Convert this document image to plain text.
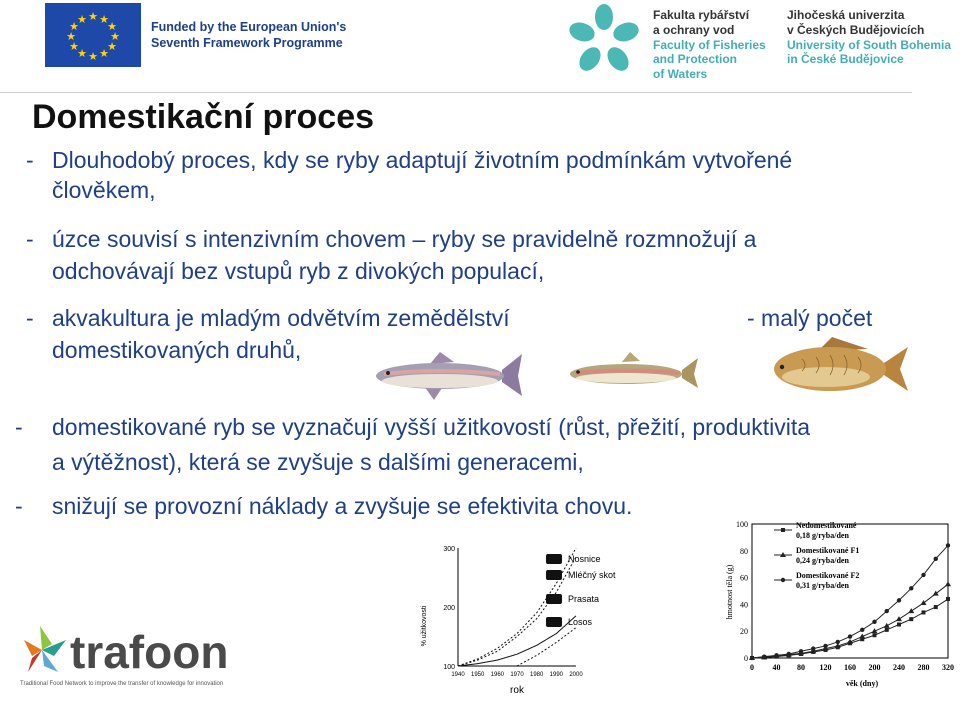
★ ★
★
★
★
★
★
★
★
★
★
★
Funded by the European Union's
Seventh Framework Programme
Fakulta rybářství
a ochrany vod
Faculty of Fisheries
and Protection
of Waters
Jihočeská univerzita
v Českých Budějovicích
University of South Bohemia
in České Budějovice
Domestikační proces
- Dlouhodobý proces, kdy se ryby adaptují životním podmínkám vytvořené
člověkem,
- úzce souvisí s intenzivním chovem – ryby se pravidelně rozmnožují a
odchovávají bez vstupů ryb z divokých populací,
- akvakultura je mladým odvětvím zemědělství	- malý počet
domestikovaných druhů,
- domestikované ryb se vyznačují vyšší užitkovostí (růst, přežití, produktivita
a výtěžnost), která se zvyšuje s dalšími generacemi,
- snižují se provozní náklady a zvyšuje se efektivita chovu.
% užitkovosti
rok
300
200
100
1940 1950 1960 1970 1980 1990 2000
Nosnice
Mléčný skot
Prasata
Losos
hmotnost těla (g)
věk (dny)
100
80
60
40
20
0
0 40 80 120 160 200 240 280 320
Nedomestikované
0,18 g/ryba/den
Domestikované F1
0,24 g/ryba/den
Domestikované F2
0,31 g/ryba/den
trafoon
Traditional Food Network to improve the transfer of knowledge for innovation
